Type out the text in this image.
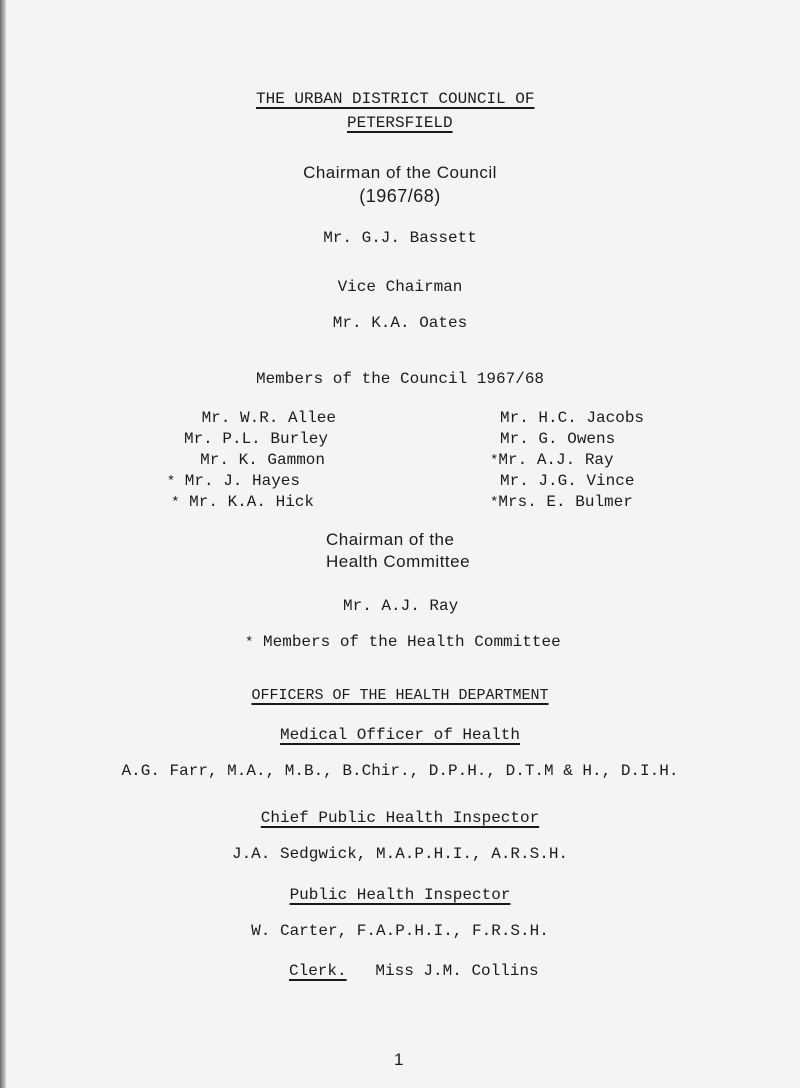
THE URBAN DISTRICT COUNCIL OF
PETERSFIELD
Chairman of the Council
(1967/68)
Mr. G.J. Bassett
Vice Chairman
Mr. K.A. Oates
Members of the Council 1967/68
Mr. W.R. Allee
Mr. P.L. Burley
Mr. K. Gammon
* Mr. J. Hayes
* Mr. K.A. Hick
Mr. H.C. Jacobs
Mr. G. Owens
*Mr. A.J. Ray
Mr. J.G. Vince
*Mrs. E. Bulmer
Chairman of the
Health Committee
Mr. A.J. Ray
* Members of the Health Committee
OFFICERS OF THE HEALTH DEPARTMENT
Medical Officer of Health
A.G. Farr, M.A., M.B., B.Chir., D.P.H., D.T.M & H., D.I.H.
Chief Public Health Inspector
J.A. Sedgwick, M.A.P.H.I., A.R.S.H.
Public Health Inspector
W. Carter, F.A.P.H.I., F.R.S.H.
Clerk. Miss J.M. Collins
1
